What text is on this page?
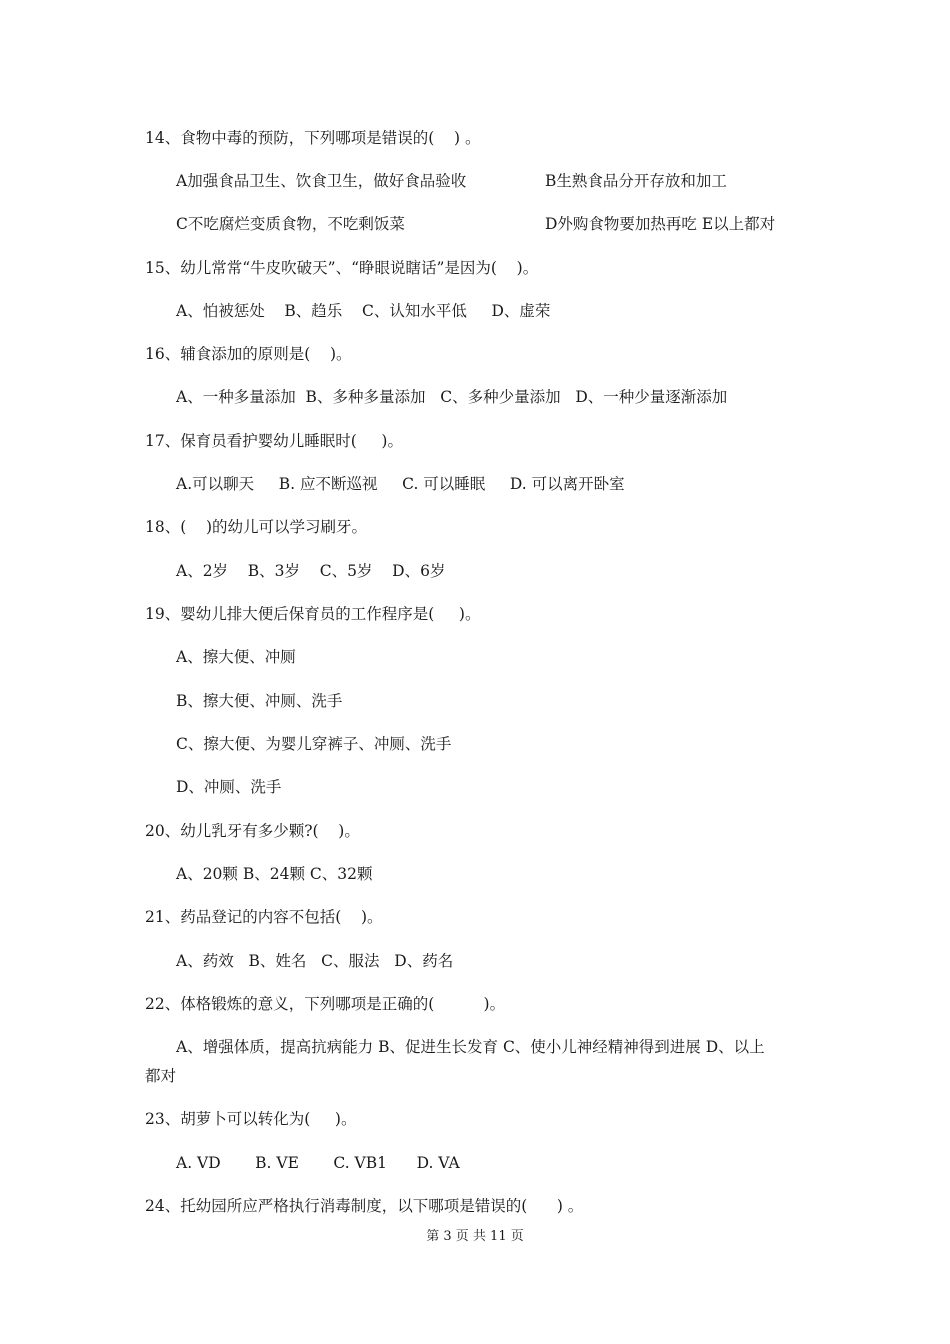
14、食物中毒的预防，下列哪项是错误的(    ) 。
A加强食品卫生、饮食卫生，做好食品验收	B生熟食品分开存放和加工
C不吃腐烂变质食物，不吃剩饭菜	D外购食物要加热再吃 E以上都对
15、幼儿常常“牛皮吹破天”、“睁眼说瞎话”是因为(    )。
A、怕被惩处    B、趋乐    C、认知水平低     D、虚荣
16、辅食添加的原则是(    )。
A、一种多量添加  B、多种多量添加   C、多种少量添加   D、一种少量逐渐添加
17、保育员看护婴幼儿睡眠时(     )。
A.可以聊天     B. 应不断巡视     C. 可以睡眠     D. 可以离开卧室
18、(    )的幼儿可以学习刷牙。
A、2岁    B、3岁    C、5岁    D、6岁
19、婴幼儿排大便后保育员的工作程序是(     )。
A、擦大便、冲厕
B、擦大便、冲厕、洗手
C、擦大便、为婴儿穿裤子、冲厕、洗手
D、冲厕、洗手
20、幼儿乳牙有多少颗?(    )。
A、20颗 B、24颗 C、32颗
21、药品登记的内容不包括(    )。
A、药效   B、姓名   C、服法   D、药名
22、体格锻炼的意义，下列哪项是正确的(          )。
A、增强体质，提高抗病能力 B、促进生长发育 C、使小儿神经精神得到进展 D、以上
都对
23、胡萝卜可以转化为(     )。
A. VD       B. VE       C. VB1      D. VA
24、托幼园所应严格执行消毒制度，以下哪项是错误的(      ) 。
第 3 页 共 11 页
